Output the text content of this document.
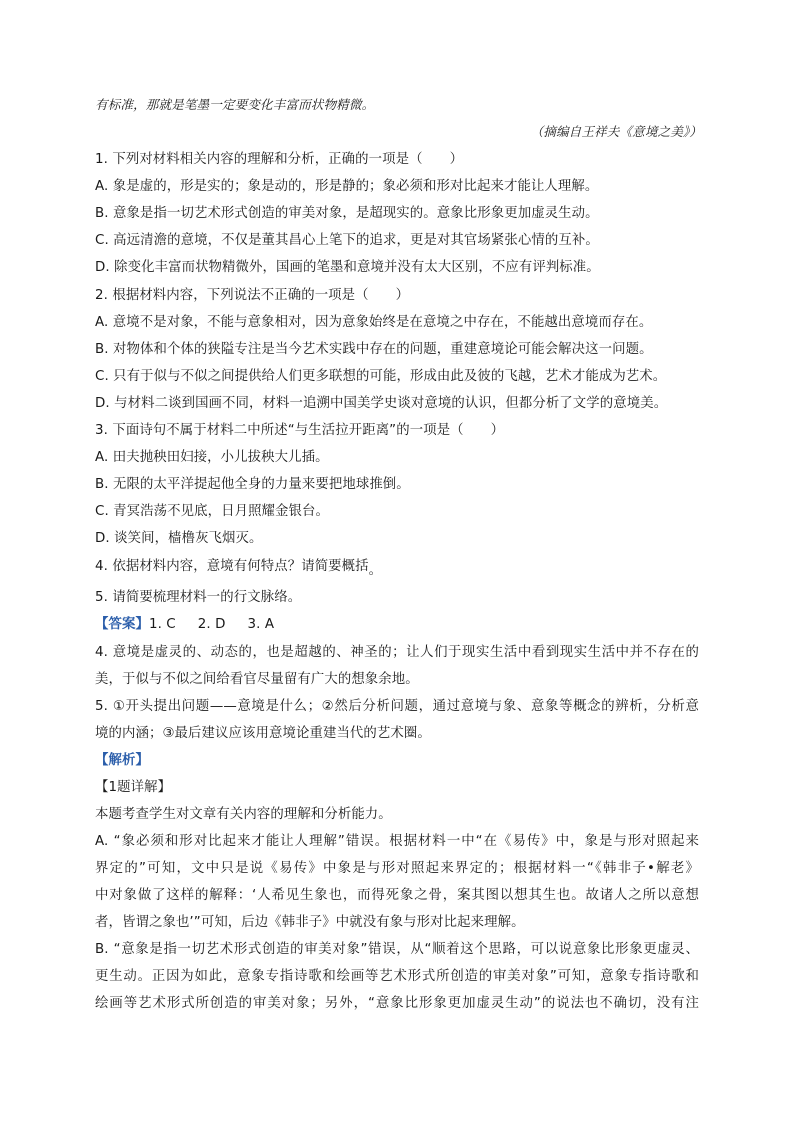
有标准，那就是笔墨一定要变化丰富而状物精微。
（摘编自王祥夫《意境之美》）
1. 下列对材料相关内容的理解和分析，正确的一项是（　　）
A. 象是虚的，形是实的；象是动的，形是静的；象必须和形对比起来才能让人理解。
B. 意象是指一切艺术形式创造的审美对象，是超现实的。意象比形象更加虚灵生动。
C. 高远清澹的意境，不仅是董其昌心上笔下的追求，更是对其官场紧张心情的互补。
D. 除变化丰富而状物精微外，国画的笔墨和意境并没有太大区别，不应有评判标准。
2. 根据材料内容，下列说法不正确的一项是（　　）
A. 意境不是对象，不能与意象相对，因为意象始终是在意境之中存在，不能越出意境而存在。
B. 对物体和个体的狭隘专注是当今艺术实践中存在的问题，重建意境论可能会解决这一问题。
C. 只有于似与不似之间提供给人们更多联想的可能，形成由此及彼的飞越，艺术才能成为艺术。
D. 与材料二谈到国画不同，材料一追溯中国美学史谈对意境的认识，但都分析了文学的意境美。
3. 下面诗句不属于材料二中所述“与生活拉开距离”的一项是（　　）
A. 田夫抛秧田妇接，小儿拔秧大儿插。
B. 无限的太平洋提起他全身的力量来要把地球推倒。
C. 青冥浩荡不见底，日月照耀金银台。
D. 谈笑间，樯橹灰飞烟灭。
4. 依据材料内容，意境有何特点？请简要概括。
5. 请简要梳理材料一的行文脉络。
【答案】1. C 2. D 3. A
4. 意境是虚灵的、动态的，也是超越的、神圣的；让人们于现实生活中看到现实生活中并不存在的
美，于似与不似之间给看官尽量留有广大的想象余地。
5. ①开头提出问题——意境是什么；②然后分析问题，通过意境与象、意象等概念的辨析，分析意
境的内涵；③最后建议应该用意境论重建当代的艺术圈。
【解析】
【1题详解】
本题考查学生对文章有关内容的理解和分析能力。
A. “象必须和形对比起来才能让人理解”错误。根据材料一中“在《易传》中，象是与形对照起来
界定的”可知，文中只是说《易传》中象是与形对照起来界定的；根据材料一“《韩非子•解老》
中对象做了这样的解释：‘人希见生象也，而得死象之骨，案其图以想其生也。故诸人之所以意想
者，皆谓之象也’”可知，后边《韩非子》中就没有象与形对比起来理解。
B. “意象是指一切艺术形式创造的审美对象”错误，从“顺着这个思路，可以说意象比形象更虚灵、
更生动。正因为如此，意象专指诗歌和绘画等艺术形式所创造的审美对象”可知，意象专指诗歌和
绘画等艺术形式所创造的审美对象；另外，“意象比形象更加虚灵生动”的说法也不确切，没有注
